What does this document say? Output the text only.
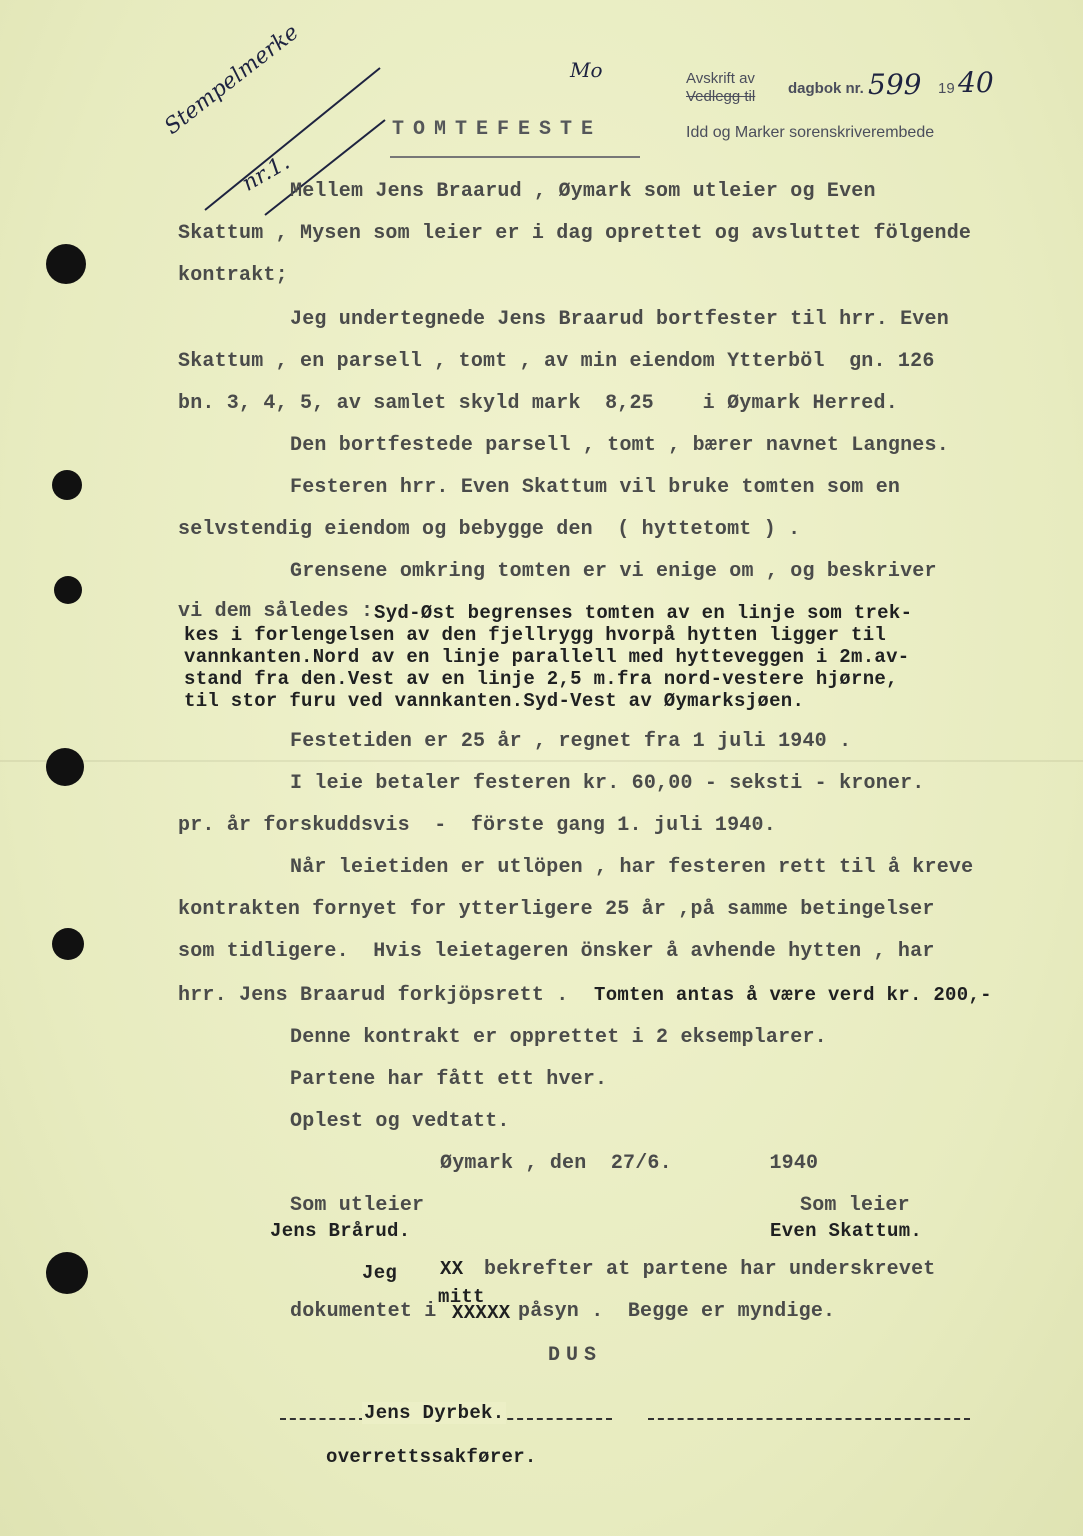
Stempelmerke
nr.1.
Mo	Avskrift av
Vedlegg til dagbok nr. 599 19 40
Idd og Marker sorenskriverembede
TOMTEFESTE
Mellem Jens Braarud , Øymark som utleier og Even
Skattum , Mysen som leier er i dag oprettet og avsluttet fölgende
kontrakt;
Jeg undertegnede Jens Braarud bortfester til hrr. Even
Skattum , en parsell , tomt , av min eiendom Ytterböl  gn. 126
bn. 3, 4, 5, av samlet skyld mark  8,25    i Øymark Herred.
Den bortfestede parsell , tomt , bærer navnet Langnes.
Festeren hrr. Even Skattum vil bruke tomten som en
selvstendig eiendom og bebygge den  ( hyttetomt ) .
Grensene omkring tomten er vi enige om , og beskriver
vi dem således : Syd-Øst begrenses tomten av en linje som trek-
kes i forlengelsen av den fjellrygg hvorpå hytten ligger til
vannkanten.Nord av en linje parallell med hytteveggen i 2m.av-
stand fra den.Vest av en linje 2,5 m.fra nord-vestere hjørne,
til stor furu ved vannkanten.Syd-Vest av Øymarksjøen.
Festetiden er 25 år , regnet fra 1 juli 1940 .
I leie betaler festeren kr. 60,00 - seksti - kroner.
pr. år forskuddsvis  -  förste gang 1. juli 1940.
Når leietiden er utlöpen , har festeren rett til å kreve
kontrakten fornyet for ytterligere 25 år ,på samme betingelser
som tidligere.  Hvis leietageren önsker å avhende hytten , har
hrr. Jens Braarud forkjöpsrett . Tomten antas å være verd kr. 200,-
Denne kontrakt er opprettet i 2 eksemplarer.
Partene har fått ett hver.
Oplest og vedtatt.
Øymark , den  27/6.        1940
Som utleier
Jens Brårud.
Som leier
Even Skattum.
Jeg XX bekrefter at partene har underskrevet
mitt
dokumentet i XXXXX påsyn .  Begge er myndige.
DUS
Jens Dyrbek.
overrettssakfører.
